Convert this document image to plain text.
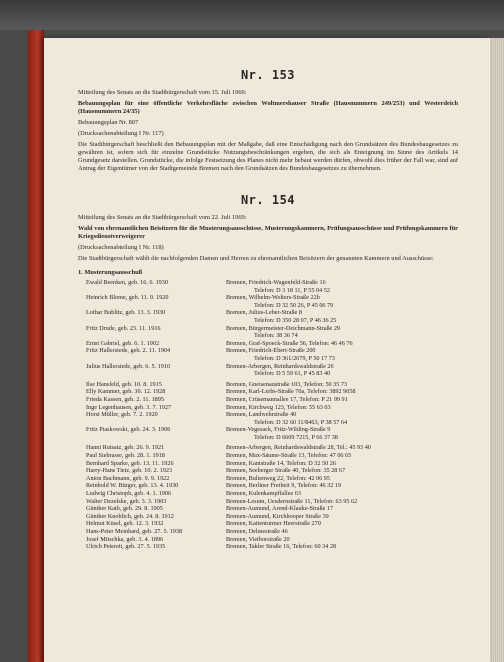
Nr. 153

Mitteilung des Senats an die Stadtbürgerschaft vom 15. Juli 1969:

Bebauungsplan für eine öffentliche Verkehrsfläche zwischen Woltmershauser Straße (Hausnummern 249/253) und Westerdeich (Hausnummern 24/35)

Bebauungsplan Nr. 807

(Drucksachenabteilung I Nr. 117)

Die Stadtbürgerschaft beschließt den Bebauungsplan mit der Maßgabe, daß eine Entschädigung nach den Grundsätzen des Bundesbaugesetzes zu gewähren ist, sofern sich für einzelne Grundstücke Nutzungsbeschränkungen ergeben, die sich als Enteignung im Sinne des Artikels 14 Grundgesetz darstellen. Grundstücke, die infolge Festsetzung des Planes nicht mehr bebaut werden dürfen, obwohl dies früher der Fall war, sind auf Antrag der Eigentümer von der Stadtgemeinde Bremen nach den Grundsätzen des Bundesbaugesetzes zu übernehmen.

Nr. 154

Mitteilung des Senats an die Stadtbürgerschaft vom 22. Juli 1969:

Wahl von ehrenamtlichen Beisitzern für die Musterungsausschüsse, Musterungskammern, Prüfungsausschüsse und Prüfungskammern für Kriegsdienstverweigerer

(Drucksachenabteilung I Nr. 118)

Die Stadtbürgerschaft wählt die nachfolgenden Damen und Herren zu ehrenamtlichen Beisitzern der genannten Kammern und Ausschüsse:

1. Musterungsausschuß
Ewald Beenken, geb. 16. 6. 1930	Bremen, Friedrich-Wagenfeld-Straße 16
Telefon: D 3 18 11, P 55 04 52

Heinrich Blome, geb. 11. 9. 1920	Bremen, Wilhelm-Wolters-Straße 22b
Telefon: D 32 50 26, P 45 06 79

Lothar Bublitz, geb. 13. 3. 1930	Bremen, Julius-Leber-Straße 8
Telefon: D 350 28 07, P 46 36 25

Fritz Drude, geb. 23. 11. 1916	Bremen, Bürgermeister-Deichmann-Straße 29
Telefon: 38 36 74

Ernst Gabriel, geb. 6. 1. 1902	Bremen, Graf-Spoeck-Straße 56, Telefon: 46 46 76

Fritz Hallerstede, geb. 2. 11. 1904	Bremen, Friedrich-Ebert-Straße 200
Telefon: D 361/2679, P 50 17 73

Julius Hallerstede, geb. 6. 5. 1910	Bremen-Arbergen, Reinhardswaldstraße 26
Telefon: D 5 59 61, P 45 83 40

Ilse Hansfeld, geb. 10. 8. 1915	Bremen, Gneisenaustraße 103, Telefon: 50 35 73

Elly Kammer, geb. 30. 12. 1928	Bremen, Karl-Lerbs-Straße 70a, Telefon: 3892 9058

Frieda Kassen, geb. 2. 11. 1895	Bremen, Crüsemannallee 17, Telefon: P 21 99 91

Inge Legenhausen, geb. 3. 7. 1927	Bremen, Kirchweg 123, Telefon: 55 63 03

Horst Müller, geb. 7. 2. 1920	Bremen, Landwehrstraße 40
Telefon: D 32 60 11/8463, P 38 57 64

Fritz Piaskowski, geb. 24. 3. 1906	Bremen-Vegesack, Fritz-Wilding-Straße 9
Telefon: D 6609 7215, P 66 37 38

Hanni Rutsatz, geb. 26. 9. 1921	Bremen-Arbergen, Reinhardswaldstraße 28, Tel.: 45 93 40

Paul Siebrasse, geb. 28. 1. 1918	Bremen, Max-Säume-Straße 13, Telefon: 47 06 65

Bernhard Sparke, geb. 13. 11. 1926	Bremen, Kantstraße 14, Telefon: D 32 50 26

Harry-Hans Tietz, geb. 10. 2. 1923	Bremen, Seeberger Straße 40, Telefon: 35 28 67

Anton Bachmann, geb. 9. 9. 1922	Bremen, Bultenweg 22, Telefon: 42 06 95

Reinhold W. Bürger, geb. 13. 4. 1930	Bremen, Berliner Freiheit 9, Telefon: 46 32 19

Ludwig Christoph, geb. 4. 1. 1906	Bremen, Kulenkampffallee 63

Walter Dezelske, geb. 3. 3. 1903	Bremen-Lesum, Uesdernstraße 11, Telefon: 63 95 62

Günther Kath, geb. 29. 8. 1905	Bremen-Aumund, Arend-Klauke-Straße 17

Günther Knoblich, geb. 24. 8. 1912	Bremen-Aumund, Kirchhooper Straße 39

Helmut Küsel, geb. 12. 3. 1932	Bremen, Kattenturmer Heerstraße 270

Hans-Peter Meinhard, geb. 27. 5. 1938	Bremen, Delmestraße 46

Josef Mitschka, geb. 3. 4. 1896	Bremen, Vietborstraße 20

Ulrich Petereit, geb. 27. 5. 1935	Bremen, Takler Straße 16, Telefon: 60 34 28
